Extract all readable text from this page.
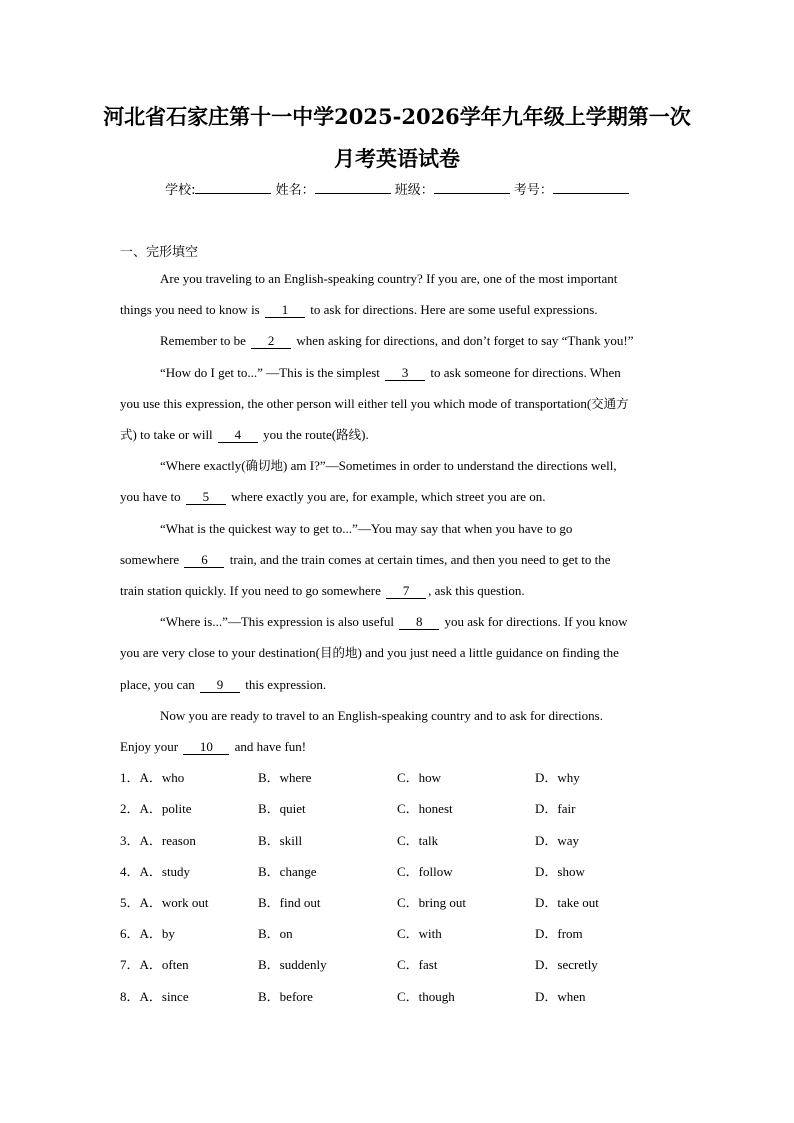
河北省石家庄第十一中学2025-2026学年九年级上学期第一次
月考英语试卷
学校:	姓名：	班级：	考号：
一、完形填空
Are you traveling to an English-speaking country? If you are, one of the most important
things you need to know is 1 to ask for directions. Here are some useful expressions.
Remember to be 2 when asking for directions, and don’t forget to say “Thank you!”
“How do I get to...” —This is the simplest 3 to ask someone for directions. When
you use this expression, the other person will either tell you which mode of transportation(交通方
式) to take or will 4 you the route(路线).
“Where exactly(确切地) am I?”—Sometimes in order to understand the directions well,
you have to 5 where exactly you are, for example, which street you are on.
“What is the quickest way to get to...”—You may say that when you have to go
somewhere 6 train, and the train comes at certain times, and then you need to get to the
train station quickly. If you need to go somewhere 7 , ask this question.
“Where is...”—This expression is also useful 8 you ask for directions. If you know
you are very close to your destination(目的地) and you just need a little guidance on finding the
place, you can 9 this expression.
Now you are ready to travel to an English-speaking country and to ask for directions.
Enjoy your 10 and have fun!
1．A．who	B．where	C．how	D．why
2．A．polite	B．quiet	C．honest	D．fair
3．A．reason	B．skill	C．talk	D．way
4．A．study	B．change	C．follow	D．show
5．A．work out	B．find out	C．bring out	D．take out
6．A．by	B．on	C．with	D．from
7．A．often	B．suddenly	C．fast	D．secretly
8．A．since	B．before	C．though	D．when
